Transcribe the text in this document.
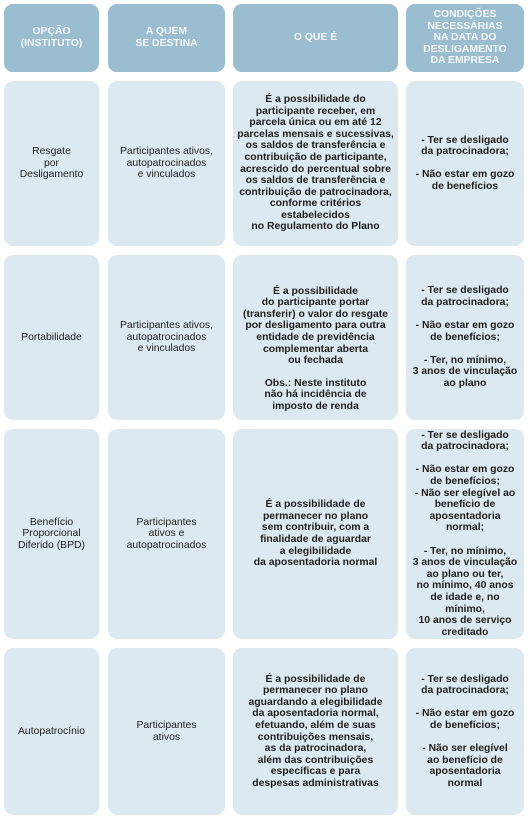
OPÇÃO
(INSTITUTO)
A QUEM
SE DESTINA
O QUE É
CONDIÇÕES
NECESSÁRIAS
NA DATA DO
DESLIGAMENTO
DA EMPRESA
Resgate
por
Desligamento
Participantes ativos,
autopatrocinados
e vinculados
É a possibilidade do
participante receber, em
parcela única ou em até 12
parcelas mensais e sucessivas,
os saldos de transferência e
contribuição de participante,
acrescido do percentual sobre
os saldos de transferência e
contribuição de patrocinadora,
conforme critérios estabelecidos
no Regulamento do Plano
- Ter se desligado
da patrocinadora;

- Não estar em gozo
de benefícios
Portabilidade
Participantes ativos,
autopatrocinados
e vinculados

É a possibilidade
do participante portar
(transferir) o valor do resgate
por desligamento para outra
entidade de previdência
complementar aberta
ou fechada
Obs.: Neste instituto
não há incidência de
imposto de renda

- Ter se desligado
da patrocinadora;

- Não estar em gozo
de benefícios;

- Ter, no mínimo,
3 anos de vinculação
ao plano
Benefício
Proporcional
Diferido (BPD)
Participantes
ativos e
autopatrocinados
É a possibilidade de
permanecer no plano
sem contribuir, com a
finalidade de aguardar
a elegibilidade
da aposentadoria normal
- Ter se desligado
da patrocinadora;

- Não estar em gozo
de benefícios;
- Não ser elegível ao
benefício de
aposentadoria normal;

- Ter, no mínimo,
3 anos de vinculação
ao plano ou ter,
no mínimo, 40 anos
de idade e, no mínimo,
10 anos de serviço
creditado
Autopatrocínio
Participantes
ativos
É a possibilidade de
permanecer no plano
aguardando a elegibilidade
da aposentadoria normal,
efetuando, além de suas
contribuições mensais,
as da patrocinadora,
além das contribuições
específicas e para
despesas administrativas
- Ter se desligado
da patrocinadora;

- Não estar em gozo
de benefícios;

- Não ser elegível
ao benefício de
aposentadoria
normal
